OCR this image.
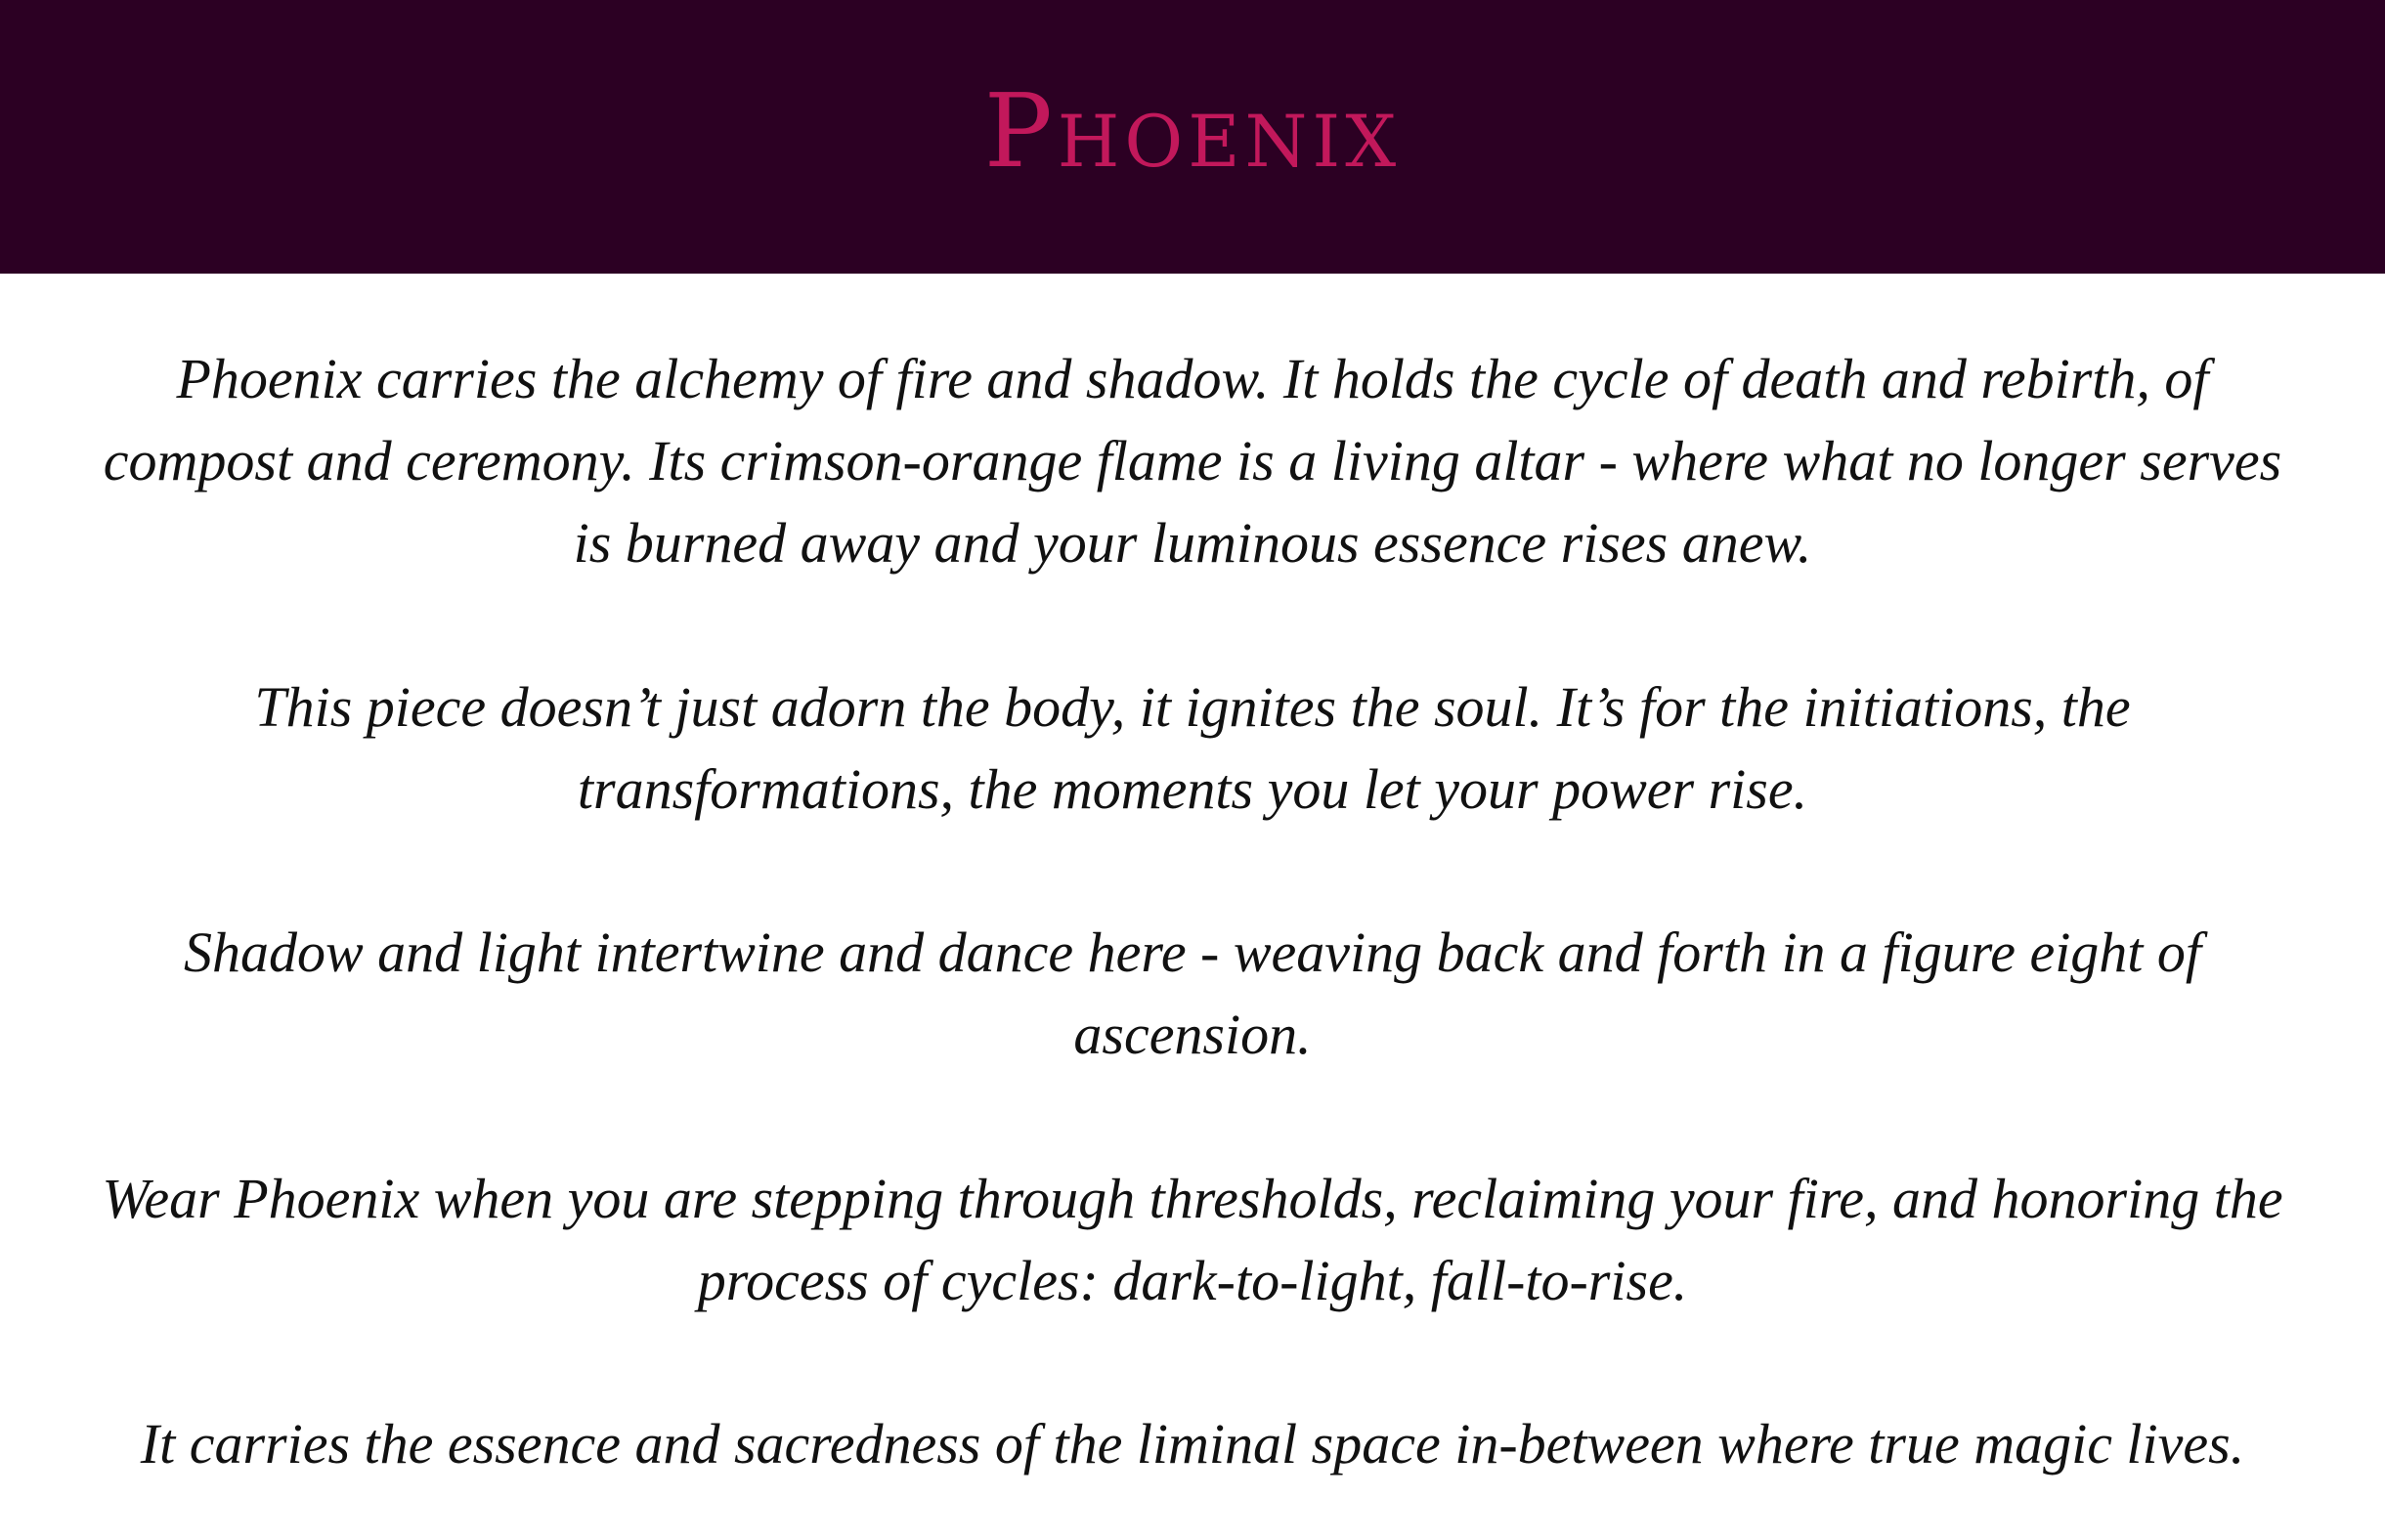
Phoenix

Phoenix carries the alchemy of fire and shadow. It holds the cycle of death and rebirth, of compost and ceremony. Its crimson-orange flame is a living altar - where what no longer serves is burned away and your luminous essence rises anew.

This piece doesn’t just adorn the body, it ignites the soul. It’s for the initiations, the transformations, the moments you let your power rise.

Shadow and light intertwine and dance here - weaving back and forth in a figure eight of ascension.

Wear Phoenix when you are stepping through thresholds, reclaiming your fire, and honoring the process of cycles: dark-to-light, fall-to-rise.

It carries the essence and sacredness of the liminal space in-between where true magic lives.
